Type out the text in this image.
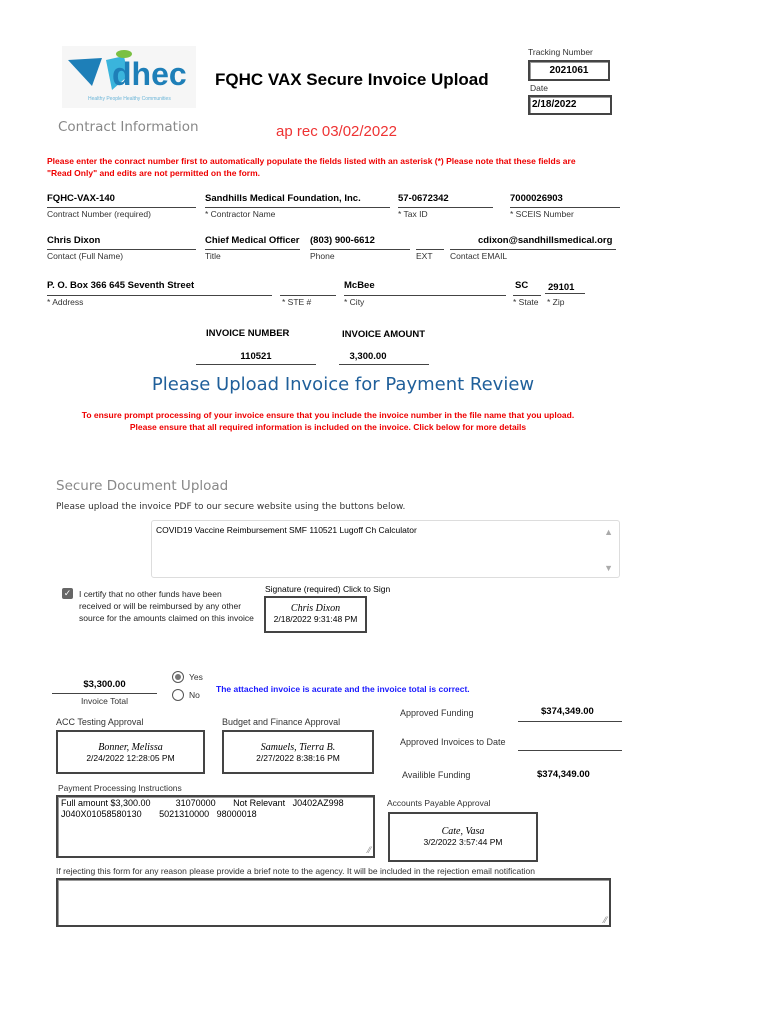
dhec
Healthy People Healthy Communities
FQHC VAX Secure Invoice Upload
Tracking Number
2021061
Date
2/18/2022
Contract Information	ap rec 03/02/2022
Please enter the conract number first to automatically populate the fields listed with an asterisk (*) Please note that these fields are "Read Only" and edits are not permitted on the form.
FQHC-VAX-140
Contract Number (required)
Sandhills Medical Foundation, Inc.
* Contractor Name
57-0672342
* Tax ID
7000026903
* SCEIS Number
Chris Dixon
Contact (Full Name)
Chief Medical Officer
Title
(803) 900-6612
Phone	EXT
cdixon@sandhillsmedical.org
Contact EMAIL
P. O. Box 366 645 Seventh Street
* Address	* STE #
McBee
* City
SC
* State
29101
* Zip
INVOICE NUMBER
110521
INVOICE AMOUNT
3,300.00
Please Upload Invoice for Payment Review
To ensure prompt processing of your invoice ensure that you include the invoice number in the file name that you upload.
Please ensure that all required information is included on the invoice. Click below for more details
Secure Document Upload
Please upload the invoice PDF to our secure website using the buttons below.
COVID19 Vaccine Reimbursement SMF 110521 Lugoff Ch Calculator	▲
▼
✓ I certify that no other funds have been received or will be reimbursed by any other source for the amounts claimed on this invoice
Signature (required) Click to Sign
Chris Dixon
2/18/2022 9:31:48 PM
$3,300.00
Invoice Total
Yes
No
The attached invoice is acurate and the invoice total is correct.
ACC Testing Approval
Bonner, Melissa
2/24/2022 12:28:05 PM
Budget and Finance Approval
Samuels, Tierra B.
2/27/2022 8:38:16 PM
Approved Funding	$374,349.00
Approved Invoices to Date
Availible Funding	$374,349.00
Payment Processing Instructions
Full amount $3,300.00          31070000       Not Relevant   J0402AZ998
J040X01058580130       5021310000   98000018
⁄⁄
Accounts Payable Approval
Cate, Vasa
3/2/2022 3:57:44 PM
If rejecting this form for any reason please provide a brief note to the agency. It will be included in the rejection email notification
⁄⁄
